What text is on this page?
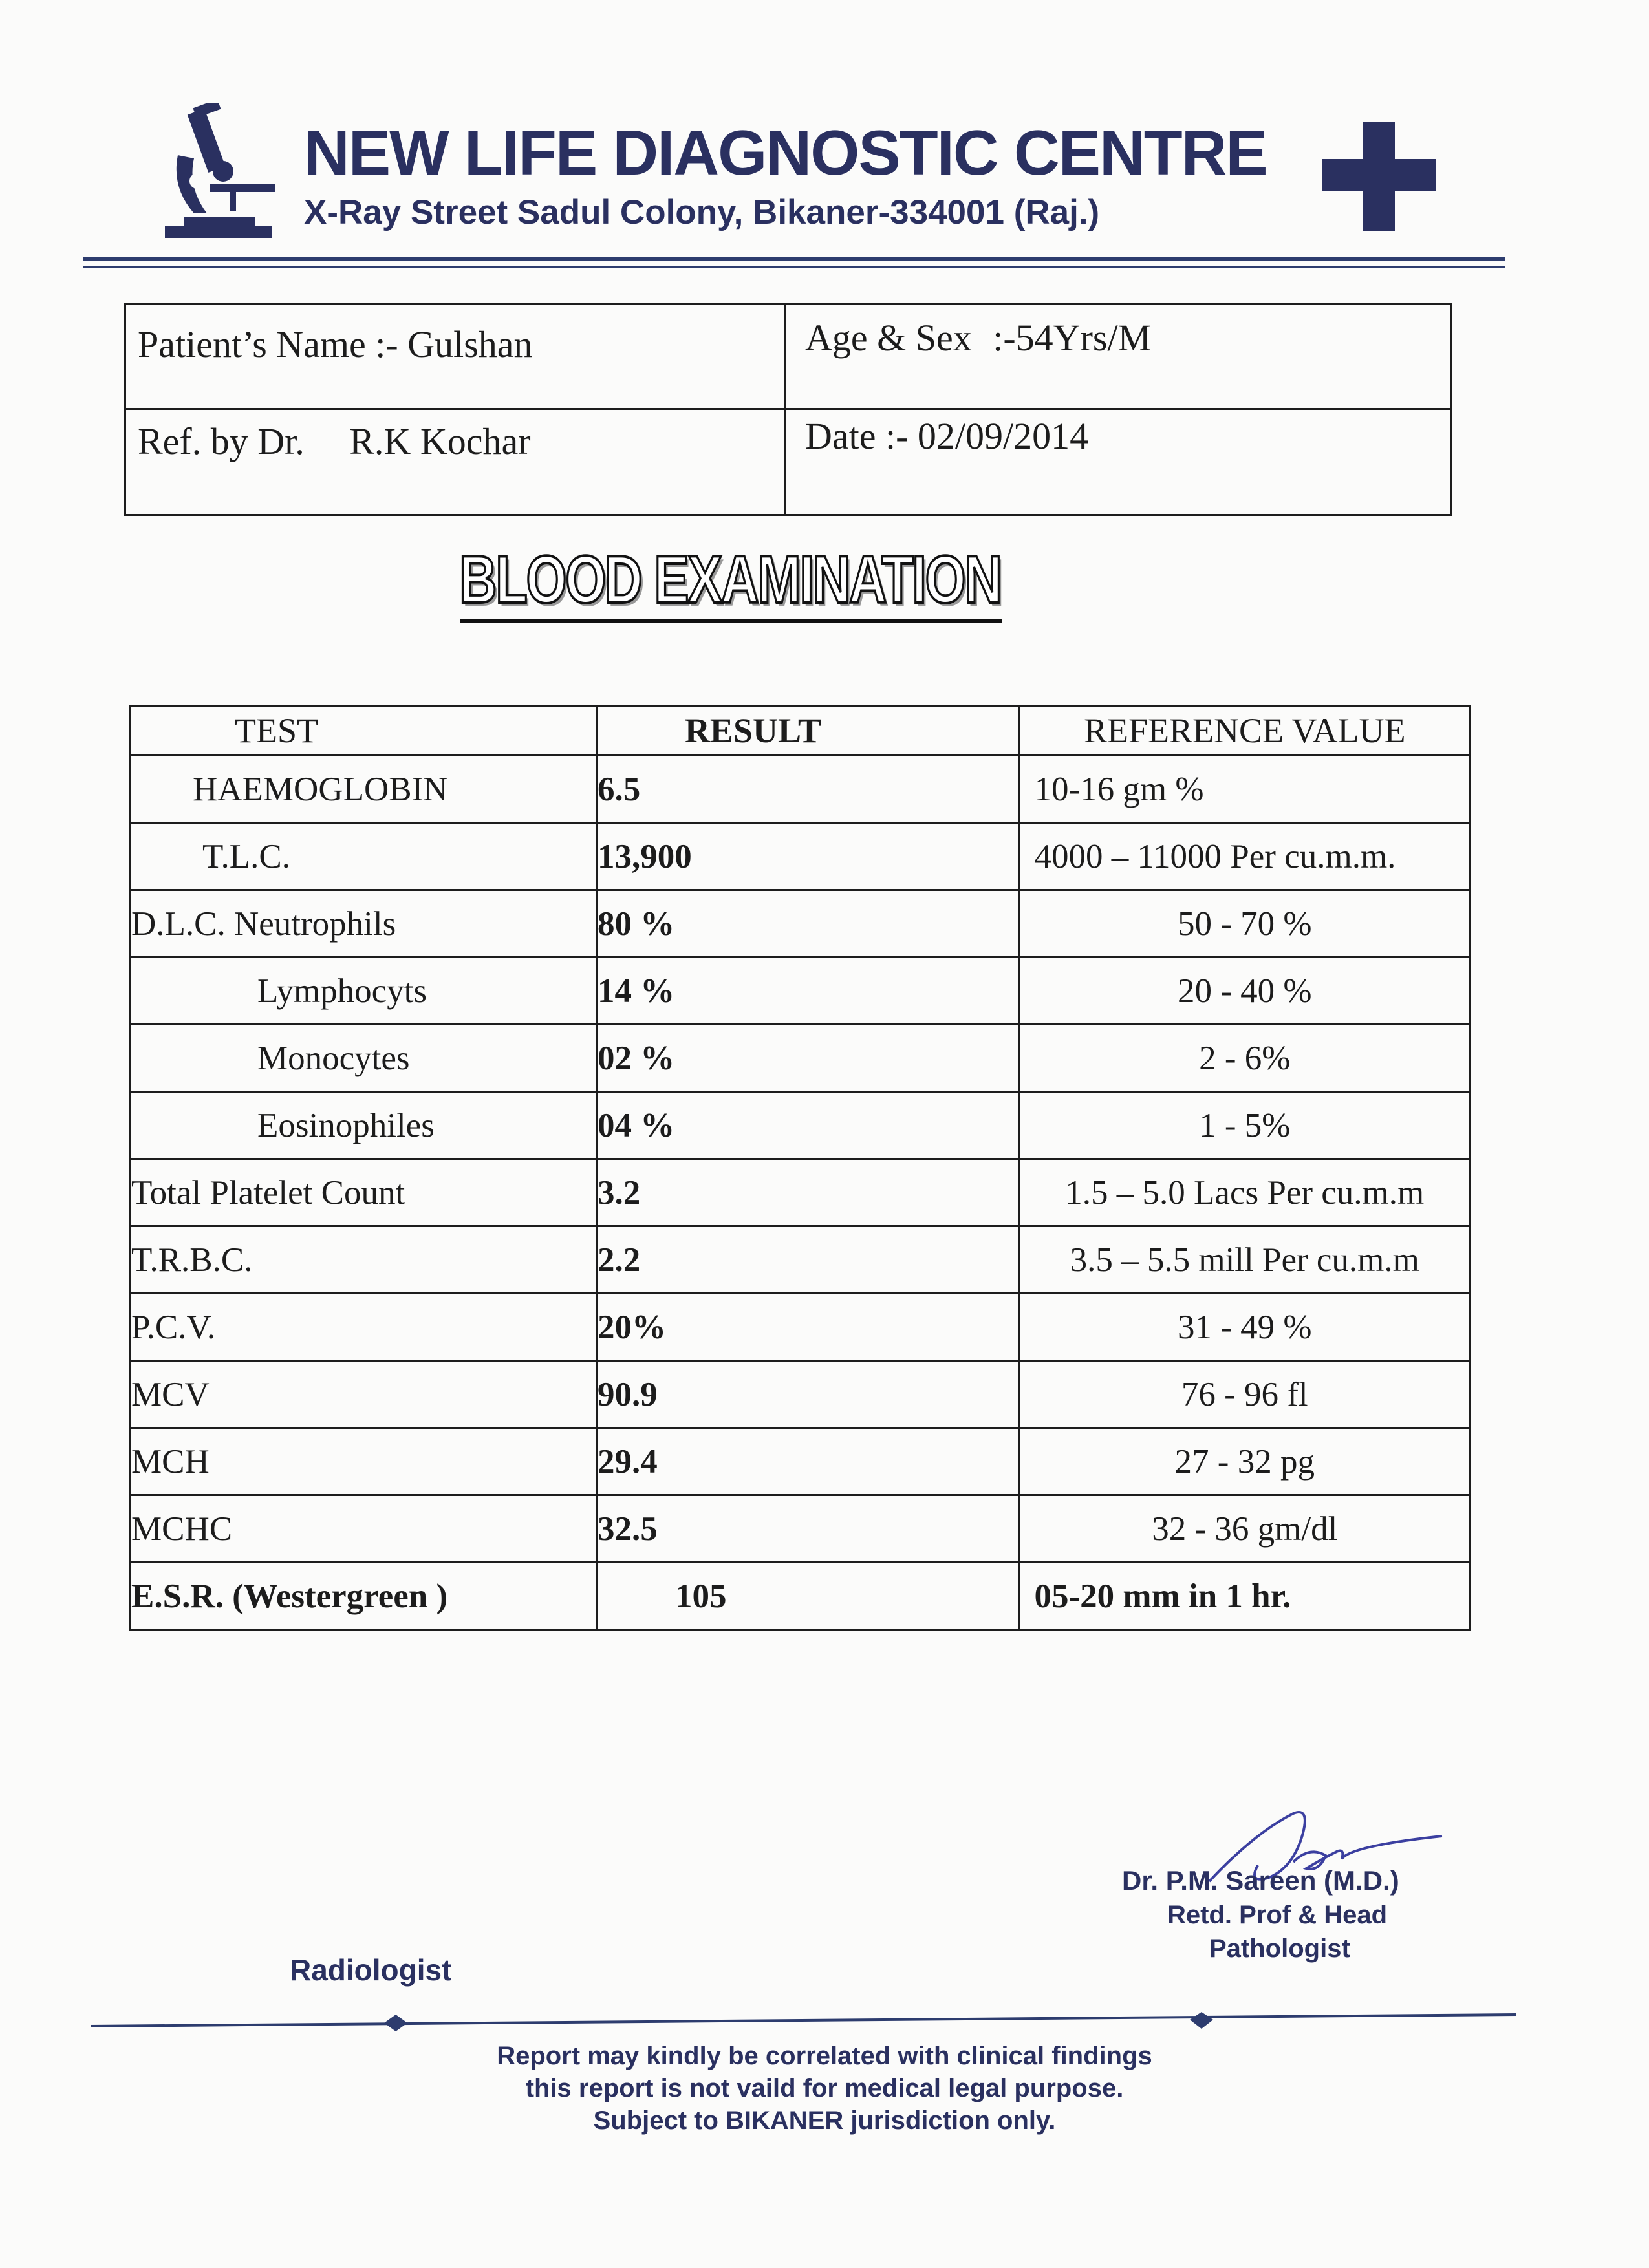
NEW LIFE DIAGNOSTIC CENTRE
X-Ray Street Sadul Colony, Bikaner-334001 (Raj.)
Patient’s Name :- Gulshan	Age & Sex :-54Yrs/M
Ref. by Dr. R.K Kochar	Date :- 02/09/2014
BLOOD EXAMINATION
TEST	RESULT	REFERENCE VALUE
HAEMOGLOBIN	6.5	10-16 gm %
T.L.C.	13,900	4000 – 11000 Per cu.m.m.
D.L.C. Neutrophils	80 %	50 - 70 %
Lymphocyts	14 %	20 - 40 %
Monocytes	02 %	2 - 6%
Eosinophiles	04 %	1 - 5%
Total Platelet Count	3.2	1.5 – 5.0 Lacs Per cu.m.m
T.R.B.C.	2.2	3.5 – 5.5 mill Per cu.m.m
P.C.V.	20%	31 - 49 %
MCV	90.9	76 - 96 fl
MCH	29.4	27 - 32 pg
MCHC	32.5	32 - 36 gm/dl
E.S.R. (Westergreen )	105	05-20 mm in 1 hr.
Dr. P.M. Sareen (M.D.)
Retd. Prof & Head
Pathologist
Radiologist
Report may kindly be correlated with clinical findings
this report is not vaild for medical legal purpose.
Subject to BIKANER jurisdiction only.
